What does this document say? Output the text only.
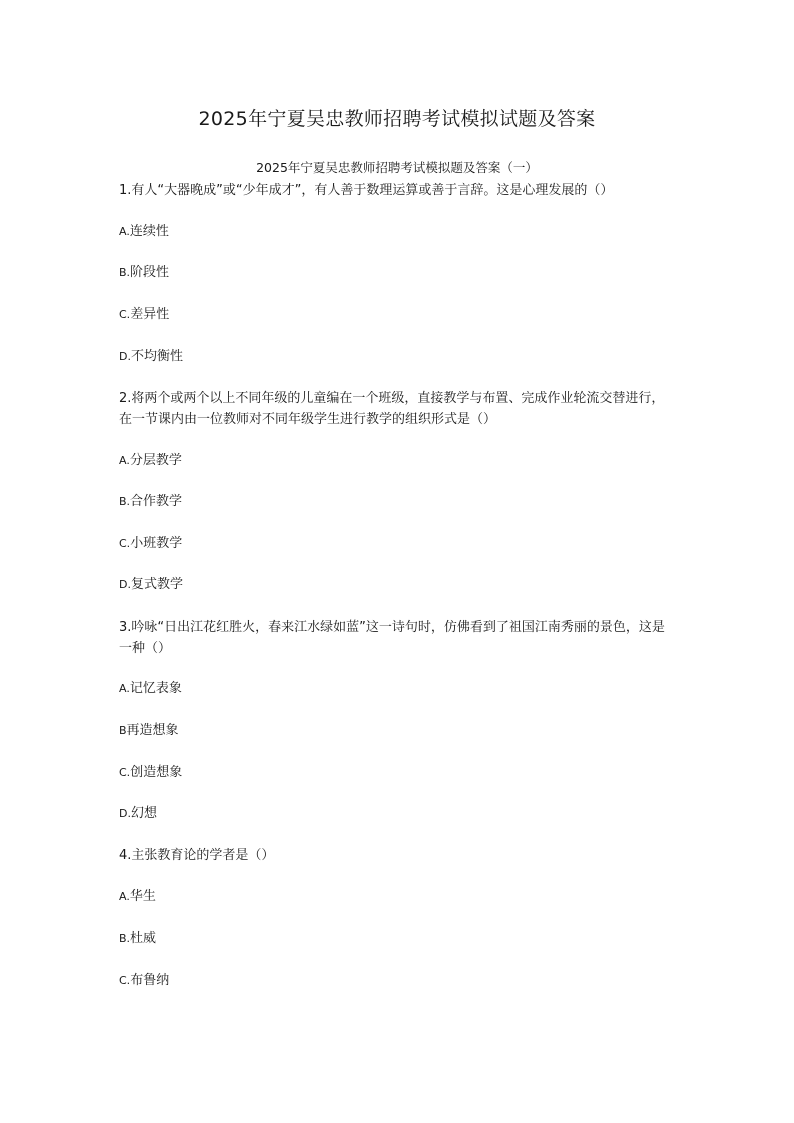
2025年宁夏吴忠教师招聘考试模拟试题及答案
2025年宁夏吴忠教师招聘考试模拟题及答案（一）
1.有人“大器晚成”或“少年成才”，有人善于数理运算或善于言辞。这是心理发展的（）
A.连续性
B.阶段性
C.差异性
D.不均衡性
2.将两个或两个以上不同年级的儿童编在一个班级，直接教学与布置、完成作业轮流交替进行，在一节课内由一位教师对不同年级学生进行教学的组织形式是（）
A.分层教学
B.合作教学
C.小班教学
D.复式教学
3.吟咏“日出江花红胜火，春来江水绿如蓝”这一诗句时，仿佛看到了祖国江南秀丽的景色，这是一种（）
A.记忆表象
B再造想象
C.创造想象
D.幻想
4.主张教育论的学者是（）
A.华生
B.杜威
C.布鲁纳
